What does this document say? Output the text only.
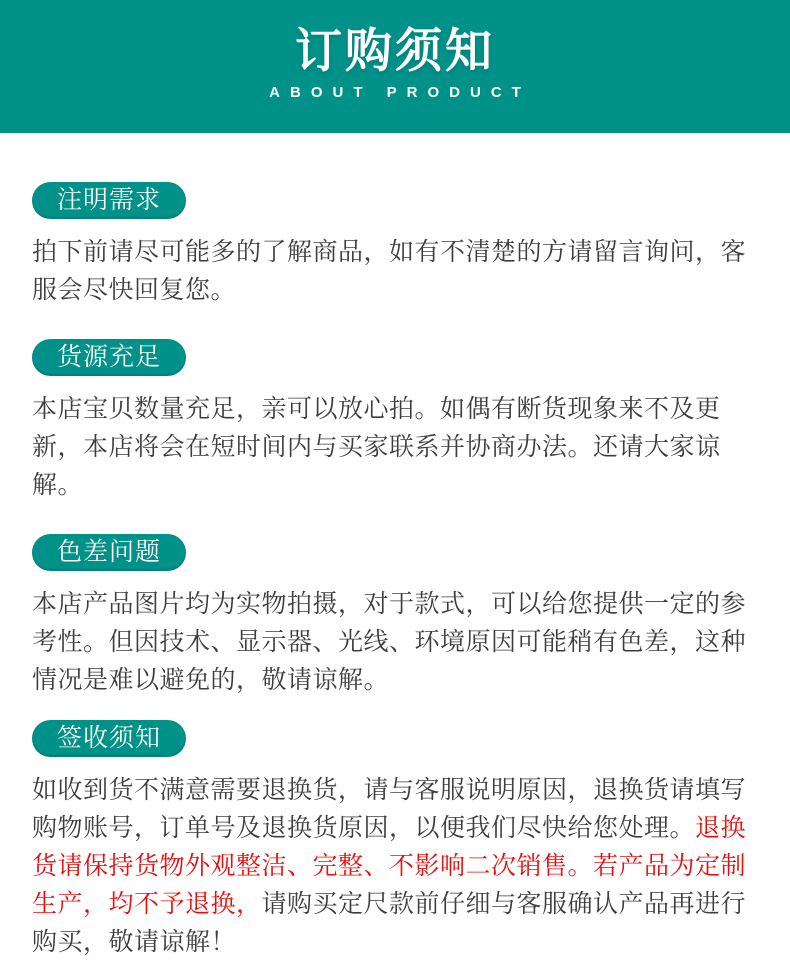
订购须知
ABOUT PRODUCT
注明需求

拍下前请尽可能多的了解商品，如有不清楚的方请留言询问，客服会尽快回复您。

货源充足

本店宝贝数量充足，亲可以放心拍。如偶有断货现象来不及更新，本店将会在短时间内与买家联系并协商办法。还请大家谅解。

色差问题

本店产品图片均为实物拍摄，对于款式，可以给您提供一定的参考性。但因技术、显示器、光线、环境原因可能稍有色差，这种情况是难以避免的，敬请谅解。

签收须知

如收到货不满意需要退换货，请与客服说明原因，退换货请填写购物账号，订单号及退换货原因，以便我们尽快给您处理。退换货请保持货物外观整洁、完整、不影响二次销售。若产品为定制生产，均不予退换，请购买定尺款前仔细与客服确认产品再进行购买，敬请谅解！
